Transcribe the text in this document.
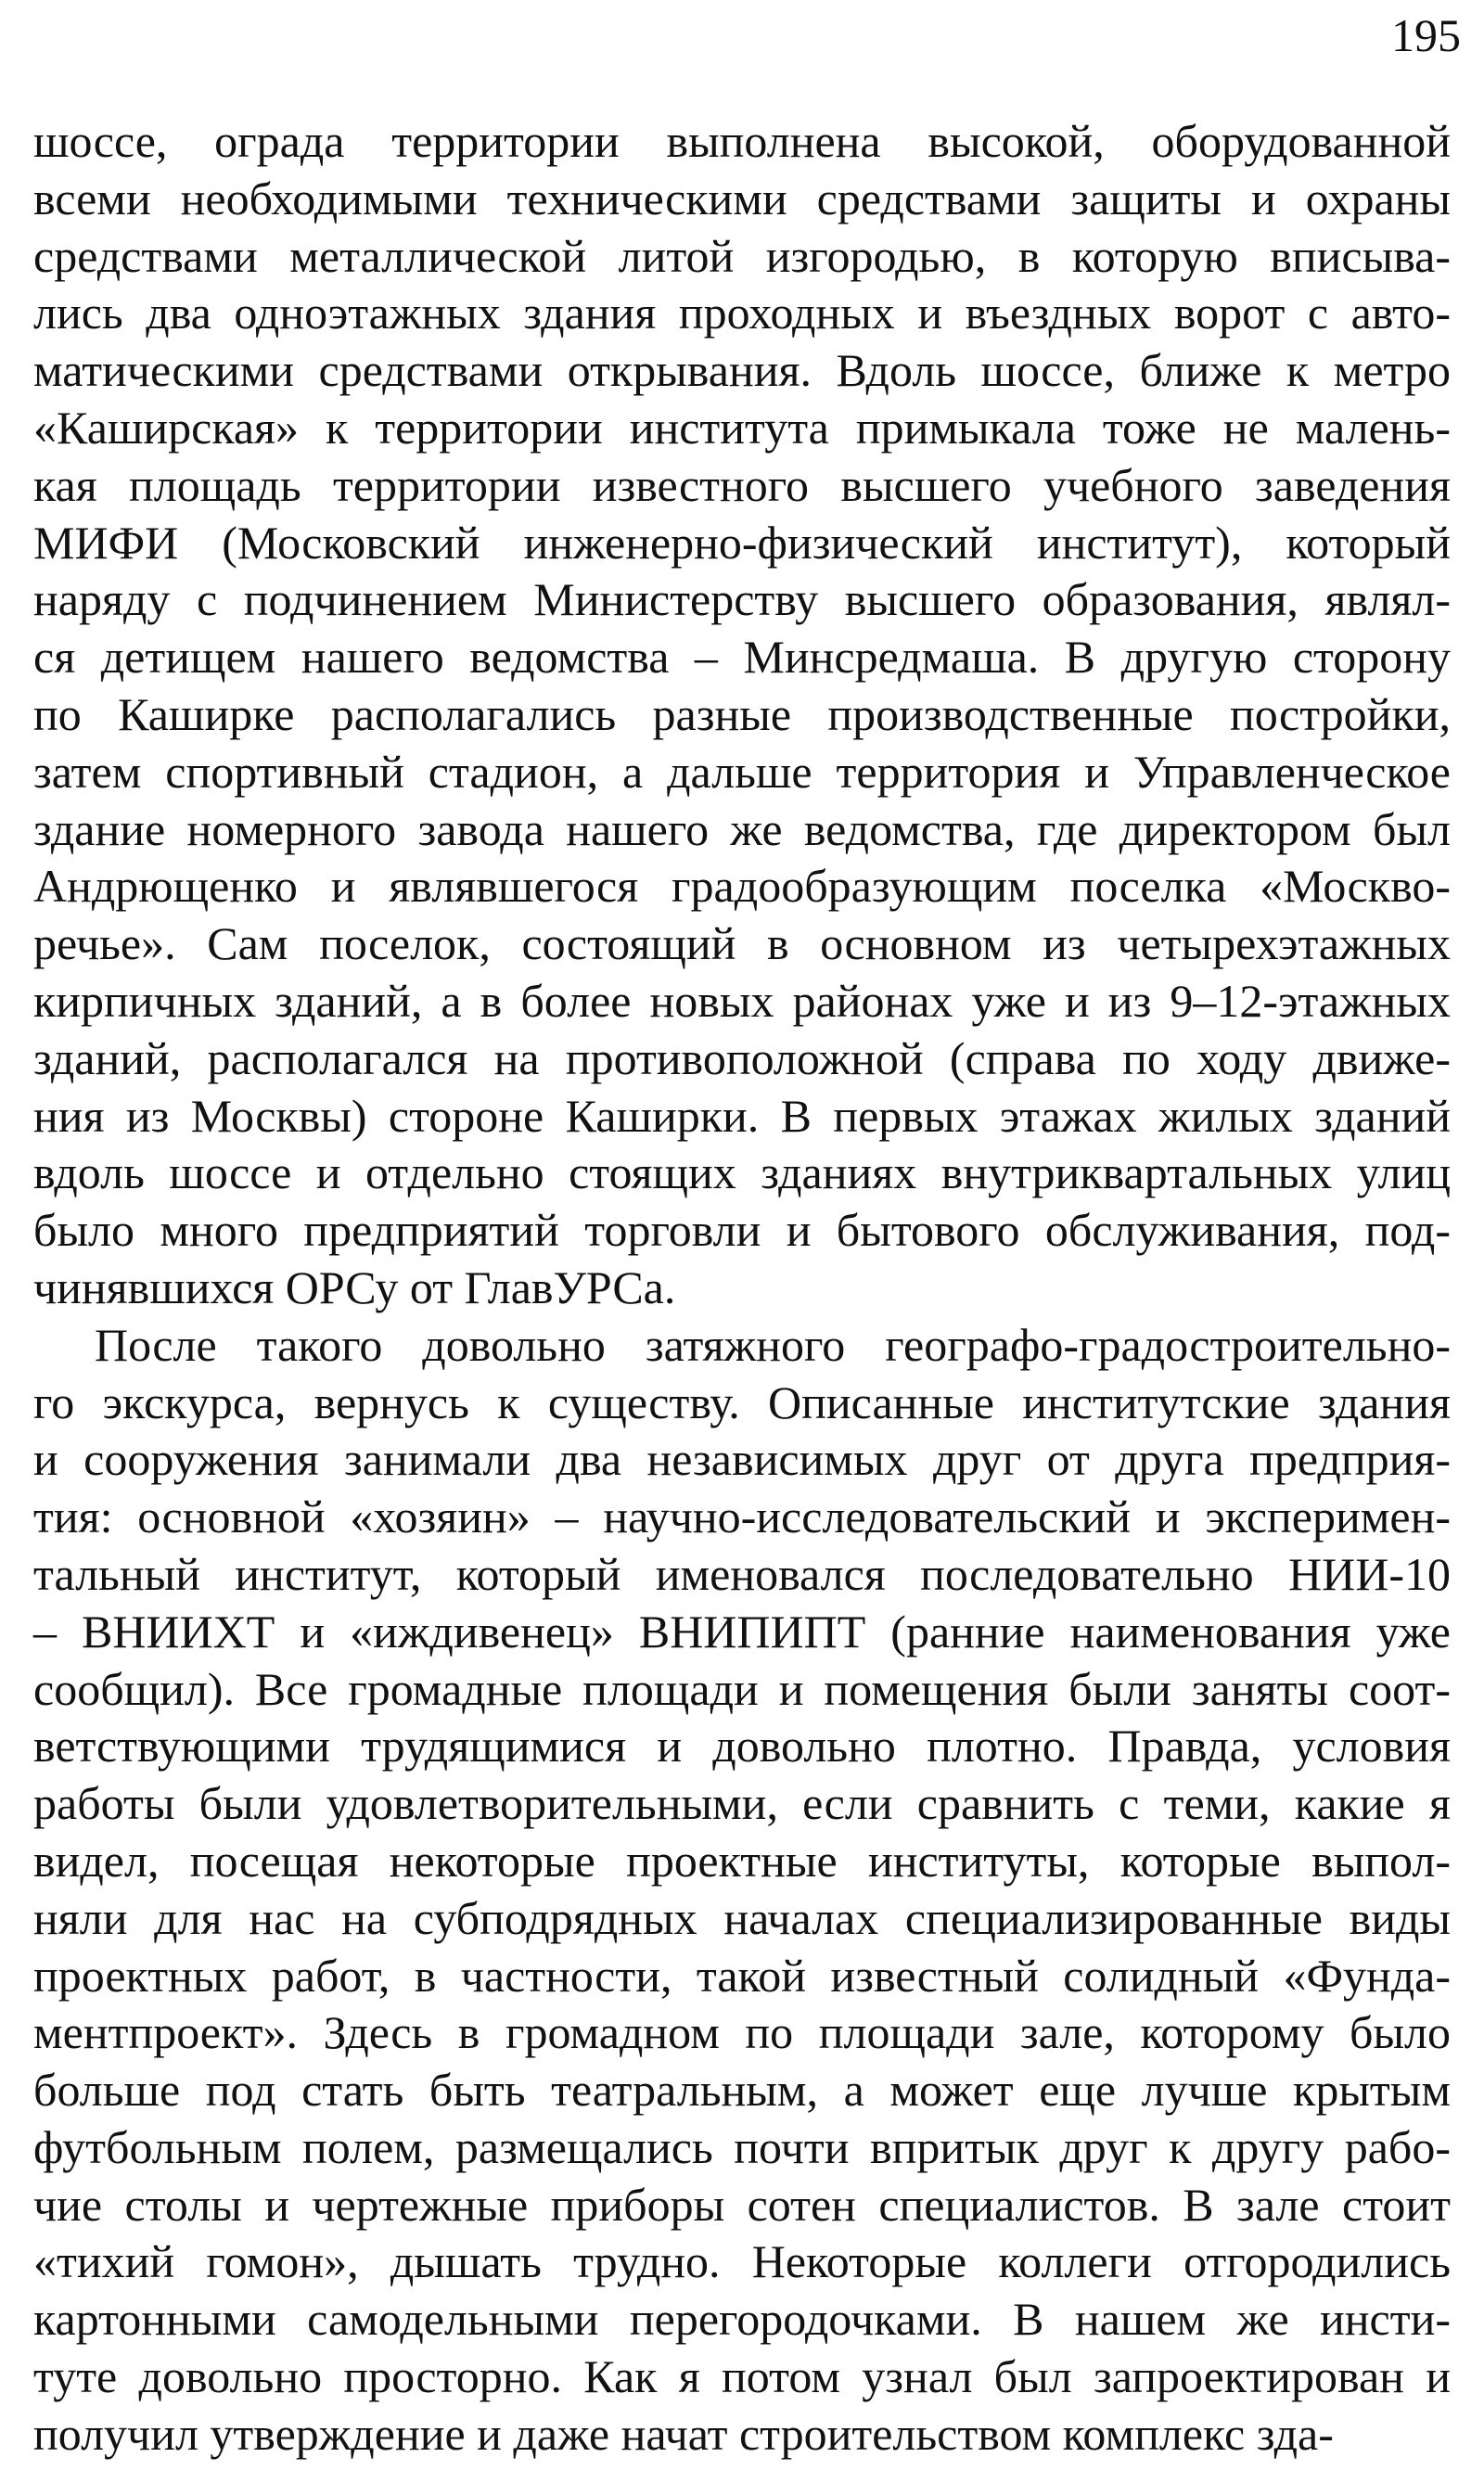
195
шоссе, ограда территории выполнена высокой, оборудованной
всеми необходимыми техническими средствами защиты и охраны
средствами металлической литой изгородью, в которую вписыва-
лись два одноэтажных здания проходных и въездных ворот с авто-
матическими средствами открывания. Вдоль шоссе, ближе к метро
«Каширская» к территории института примыкала тоже не малень-
кая площадь территории известного высшего учебного заведения
МИФИ (Московский инженерно-физический институт), который
наряду с подчинением Министерству высшего образования, являл-
ся детищем нашего ведомства – Минсредмаша. В другую сторону
по Каширке располагались разные производственные постройки,
затем спортивный стадион, а дальше территория и Управленческое
здание номерного завода нашего же ведомства, где директором был
Андрющенко и являвшегося градообразующим поселка «Москво-
речье». Сам поселок, состоящий в основном из четырехэтажных
кирпичных зданий, а в более новых районах уже и из 9–12-этажных
зданий, располагался на противоположной (справа по ходу движе-
ния из Москвы) стороне Каширки. В первых этажах жилых зданий
вдоль шоссе и отдельно стоящих зданиях внутриквартальных улиц
было много предприятий торговли и бытового обслуживания, под-
чинявшихся ОРСу от ГлавУРСа.
После такого довольно затяжного географо-градостроительно-
го экскурса, вернусь к существу. Описанные институтские здания
и сооружения занимали два независимых друг от друга предприя-
тия: основной «хозяин» – научно-исследовательский и эксперимен-
тальный институт, который именовался последовательно НИИ-10
– ВНИИХТ и «иждивенец» ВНИПИПТ (ранние наименования уже
сообщил). Все громадные площади и помещения были заняты соот-
ветствующими трудящимися и довольно плотно. Правда, условия
работы были удовлетворительными, если сравнить с теми, какие я
видел, посещая некоторые проектные институты, которые выпол-
няли для нас на субподрядных началах специализированные виды
проектных работ, в частности, такой известный солидный «Фунда-
ментпроект». Здесь в громадном по площади зале, которому было
больше под стать быть театральным, а может еще лучше крытым
футбольным полем, размещались почти впритык друг к другу рабо-
чие столы и чертежные приборы сотен специалистов. В зале стоит
«тихий гомон», дышать трудно. Некоторые коллеги отгородились
картонными самодельными перегородочками. В нашем же инсти-
туте довольно просторно. Как я потом узнал был запроектирован и
получил утверждение и даже начат строительством комплекс зда-
